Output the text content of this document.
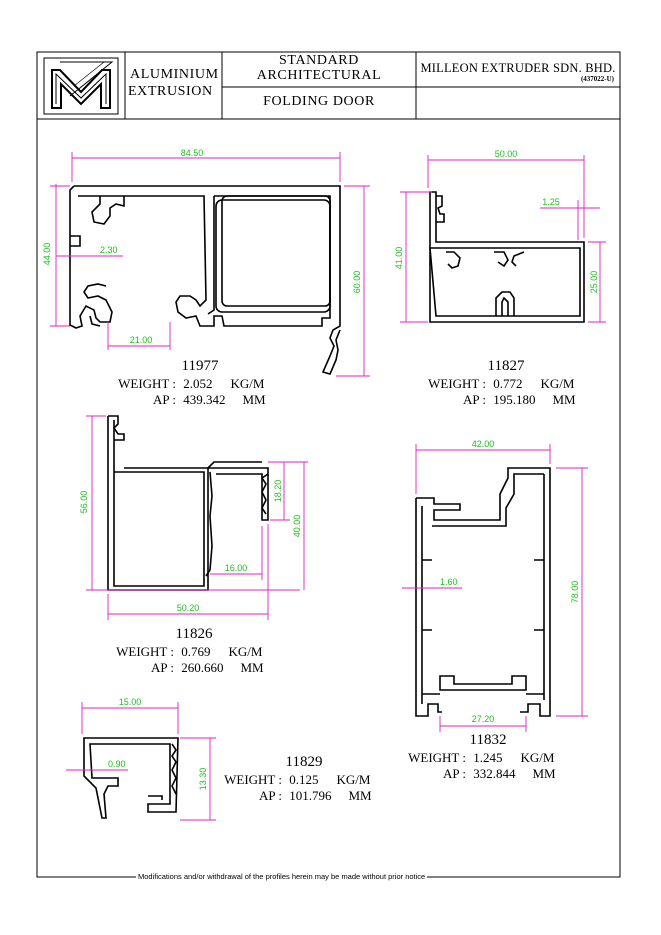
84.50
44.00
60.00
2.30
21.00
50.00
41.00
25.00
1.25
56.00	18.20
40.00
16.00
50.20
42.00
78.00
1.60
27.20
15.00
13.30
0.90
ALUMINIUM
EXTRUSION
STANDARD
ARCHITECTURAL
FOLDING DOOR
MILLEON EXTRUDER SDN. BHD.
(437022-U)
11977
WEIGHT : 2.052 KG/M
AP : 439.342 MM
11827
WEIGHT : 0.772 KG/M
AP : 195.180 MM
11826
WEIGHT : 0.769 KG/M
AP : 260.660 MM
11832
WEIGHT : 1.245 KG/M
AP : 332.844 MM
11829
WEIGHT : 0.125 KG/M
AP : 101.796 MM
Modifications and/or withdrawal of the profiles herein may be made without prior notice
